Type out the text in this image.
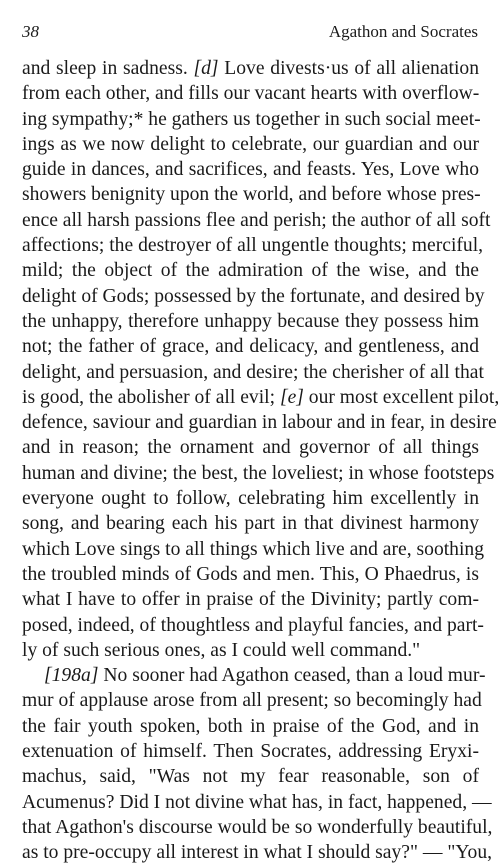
38	Agathon and Socrates
and sleep in sadness. [d] Love divests·us of all alienation
from each other, and fills our vacant hearts with overflow-
ing sympathy;* he gathers us together in such social meet-
ings as we now delight to celebrate, our guardian and our
guide in dances, and sacrifices, and feasts. Yes, Love who
showers benignity upon the world, and before whose pres-
ence all harsh passions flee and perish; the author of all soft
affections; the destroyer of all ungentle thoughts; merciful,
mild; the object of the admiration of the wise, and the
delight of Gods; possessed by the fortunate, and desired by
the unhappy, therefore unhappy because they possess him
not; the father of grace, and delicacy, and gentleness, and
delight, and persuasion, and desire; the cherisher of all that
is good, the abolisher of all evil; [e] our most excellent pilot,
defence, saviour and guardian in labour and in fear, in desire
and in reason; the ornament and governor of all things
human and divine; the best, the loveliest; in whose footsteps
everyone ought to follow, celebrating him excellently in
song, and bearing each his part in that divinest harmony
which Love sings to all things which live and are, soothing
the troubled minds of Gods and men. This, O Phaedrus, is
what I have to offer in praise of the Divinity; partly com-
posed, indeed, of thoughtless and playful fancies, and part-
ly of such serious ones, as I could well command."
[198a] No sooner had Agathon ceased, than a loud mur-
mur of applause arose from all present; so becomingly had
the fair youth spoken, both in praise of the God, and in
extenuation of himself. Then Socrates, addressing Eryxi-
machus, said, "Was not my fear reasonable, son of
Acumenus? Did I not divine what has, in fact, happened, —
that Agathon's discourse would be so wonderfully beautiful,
as to pre-occupy all interest in what I should say?" — "You,
